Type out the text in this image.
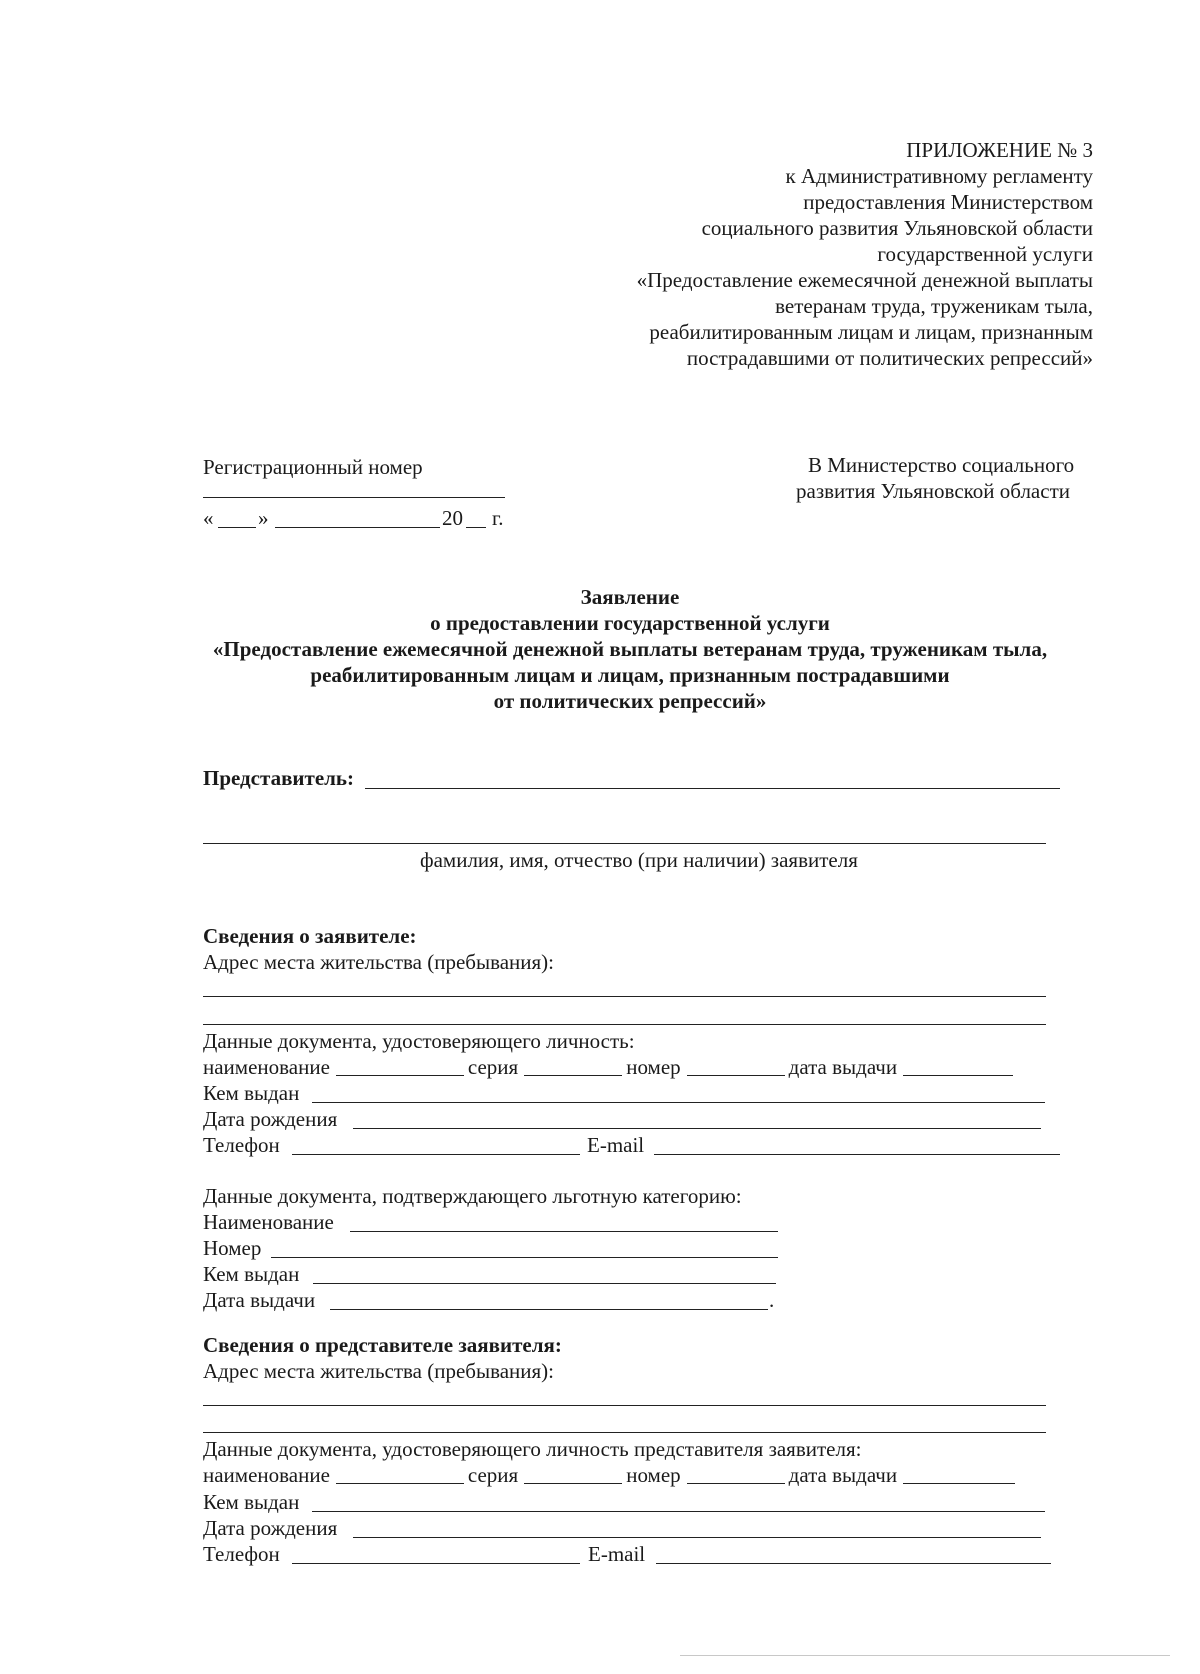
ПРИЛОЖЕНИЕ № 3
к Административному регламенту
предоставления Министерством
социального развития Ульяновской области
государственной услуги
«Предоставление ежемесячной денежной выплаты
ветеранам труда, труженикам тыла,
реабилитированным лицам и лицам, признанным
пострадавшими от политических репрессий»
Регистрационный номер
« »	20 г.
В Министерство социального
развития Ульяновской области
Заявление
о предоставлении государственной услуги
«Предоставление ежемесячной денежной выплаты ветеранам труда, труженикам тыла,
реабилитированным лицам и лицам, признанным пострадавшими
от политических репрессий»
Представитель:
фамилия, имя, отчество (при наличии) заявителя
Сведения о заявителе:
Адрес места жительства (пребывания):
Данные документа, удостоверяющего личность:
наименование	серия	номер	дата выдачи
Кем выдан
Дата рождения
Телефон	E-mail
Данные документа, подтверждающего льготную категорию:
Наименование
Номер
Кем выдан
Дата выдачи	.
Сведения о представителе заявителя:
Адрес места жительства (пребывания):
Данные документа, удостоверяющего личность представителя заявителя:
наименование	серия	номер	дата выдачи
Кем выдан
Дата рождения
Телефон	E-mail
